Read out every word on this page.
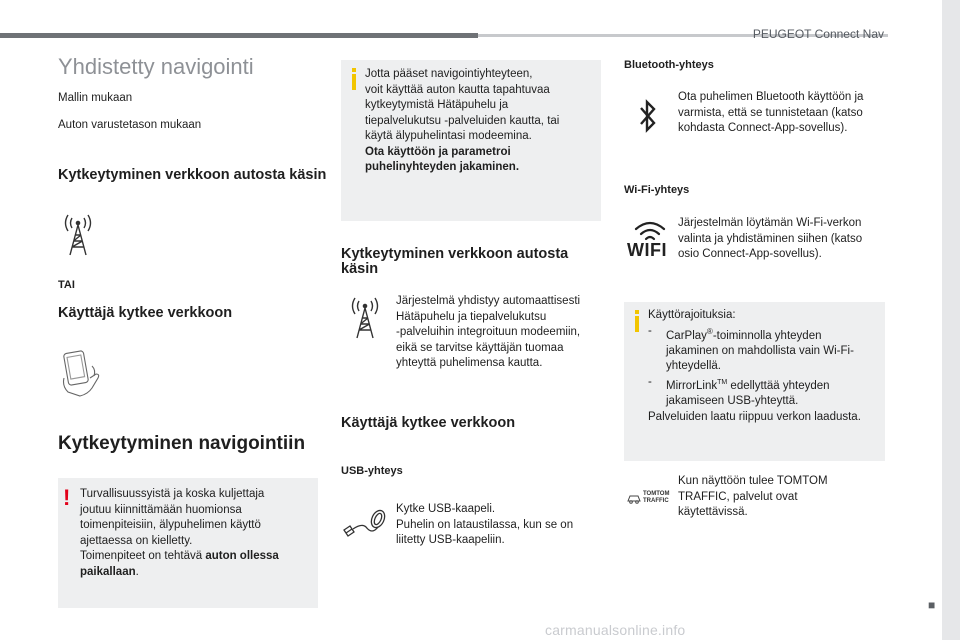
PEUGEOT Connect Nav
■
15
carmanualsonline.info
Yhdistetty navigointi
Mallin mukaan
Auton varustetason mukaan
Kytkeytyminen verkkoon autosta käsin
TAI
Käyttäjä kytkee verkkoon
Kytkeytyminen navigointiin
! Turvallisuussyistä ja koska kuljettaja
joutuu kiinnittämään huomionsa
toimenpiteisiin, älypuhelimen käyttö
ajettaessa on kielletty.
Toimenpiteet on tehtävä auton ollessa
paikallaan.
Jotta pääset navigointiyhteyteen,
voit käyttää auton kautta tapahtuvaa
kytkeytymistä Hätäpuhelu ja
tiepalvelukutsu -palveluiden kautta, tai
käytä älypuhelintasi modeemina.
Ota käyttöön ja parametroi
puhelinyhteyden jakaminen.
Kytkeytyminen verkkoon autosta käsin
Järjestelmä yhdistyy automaattisesti
Hätäpuhelu ja tiepalvelukutsu
-palveluihin integroituun modeemiin,
eikä se tarvitse käyttäjän tuomaa
yhteyttä puhelimensa kautta.
Käyttäjä kytkee verkkoon
USB-yhteys
Kytke USB-kaapeli.
Puhelin on lataustilassa, kun se on
liitetty USB-kaapeliin.
Bluetooth-yhteys
Ota puhelimen Bluetooth käyttöön ja
varmista, että se tunnistetaan (katso
kohdasta Connect-App-sovellus).
Wi-Fi-yhteys
WIFI
Järjestelmän löytämän Wi-Fi-verkon
valinta ja yhdistäminen siihen (katso
osio Connect-App-sovellus).
Käyttörajoituksia:
- CarPlay®-toiminnolla yhteyden
jakaminen on mahdollista vain Wi-Fi-
yhteydellä.
- MirrorLink™ edellyttää yhteyden
jakamiseen USB-yhteyttä.
Palveluiden laatu riippuu verkon laadusta.
TOMTOM
TRAFFIC
Kun näyttöön tulee TOMTOM
TRAFFIC, palvelut ovat
käytettävissä.
